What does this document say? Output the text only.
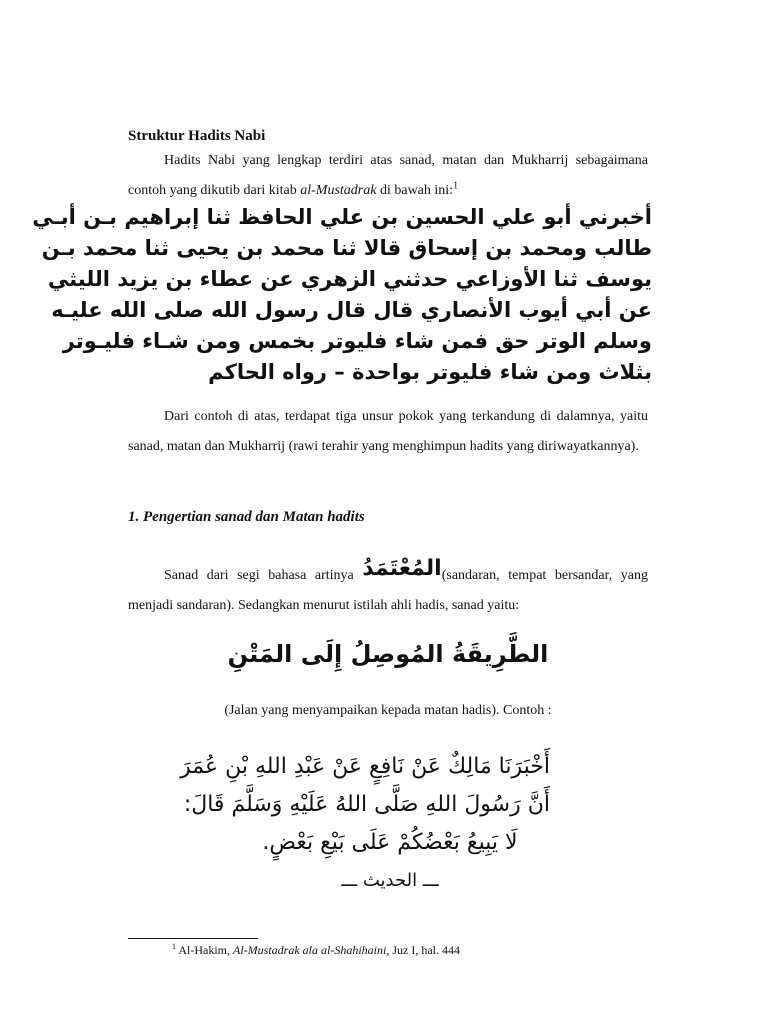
Struktur Hadits Nabi

Hadits Nabi yang lengkap terdiri atas sanad, matan dan Mukharrij sebagaimana contoh yang dikutib dari kitab al-Mustadrak di bawah ini:$^1$

أخبرني أبو علي الحسين بن علي الحافظ ثنا إبراهيم بـن أبـي
طالب ومحمد بن إسحاق قالا ثنا محمد بن يحيى ثنا محمد بـن
يوسف ثنا الأوزاعي حدثني الزهري عن عطاء بن يزيد الليثي
عن أبي أيوب الأنصاري قال قال رسول الله صلى الله عليـه
وسلم الوتر حق فمن شاء فليوتر بخمس ومن شـاء فليـوتر
بثلاث ومن شاء فليوتر بواحدة – رواه الحاكم

Dari contoh di atas, terdapat tiga unsur pokok yang terkandung di dalamnya, yaitu sanad, matan dan Mukharrij (rawi terahir yang menghimpun hadits yang diriwayatkannya).

1. Pengertian sanad dan Matan hadits

Sanad dari segi bahasa artinya المُعْتَمَدُ(sandaran, tempat bersandar, yang menjadi sandaran). Sedangkan menurut istilah ahli hadis, sanad yaitu:

الطَّرِيقَةُ المُوصِلُ إِلَى المَتْنِ
(Jalan yang menyampaikan kepada matan hadis). Contoh :
أَخْبَرَنَا مَالِكٌ عَنْ نَافِعٍ عَنْ عَبْدِ اللهِ بْنِ عُمَرَ
أَنَّ رَسُولَ اللهِ صَلَّى اللهُ عَلَيْهِ وَسَلَّمَ قَالَ:
لَا يَبِيعُ بَعْضُكُمْ عَلَى بَيْعِ بَعْضٍ.
ـــ الحديث ـــ
$^1$ Al-Hakim, Al-Mustadrak ala al-Shahihaini, Juz I, hal. 444
